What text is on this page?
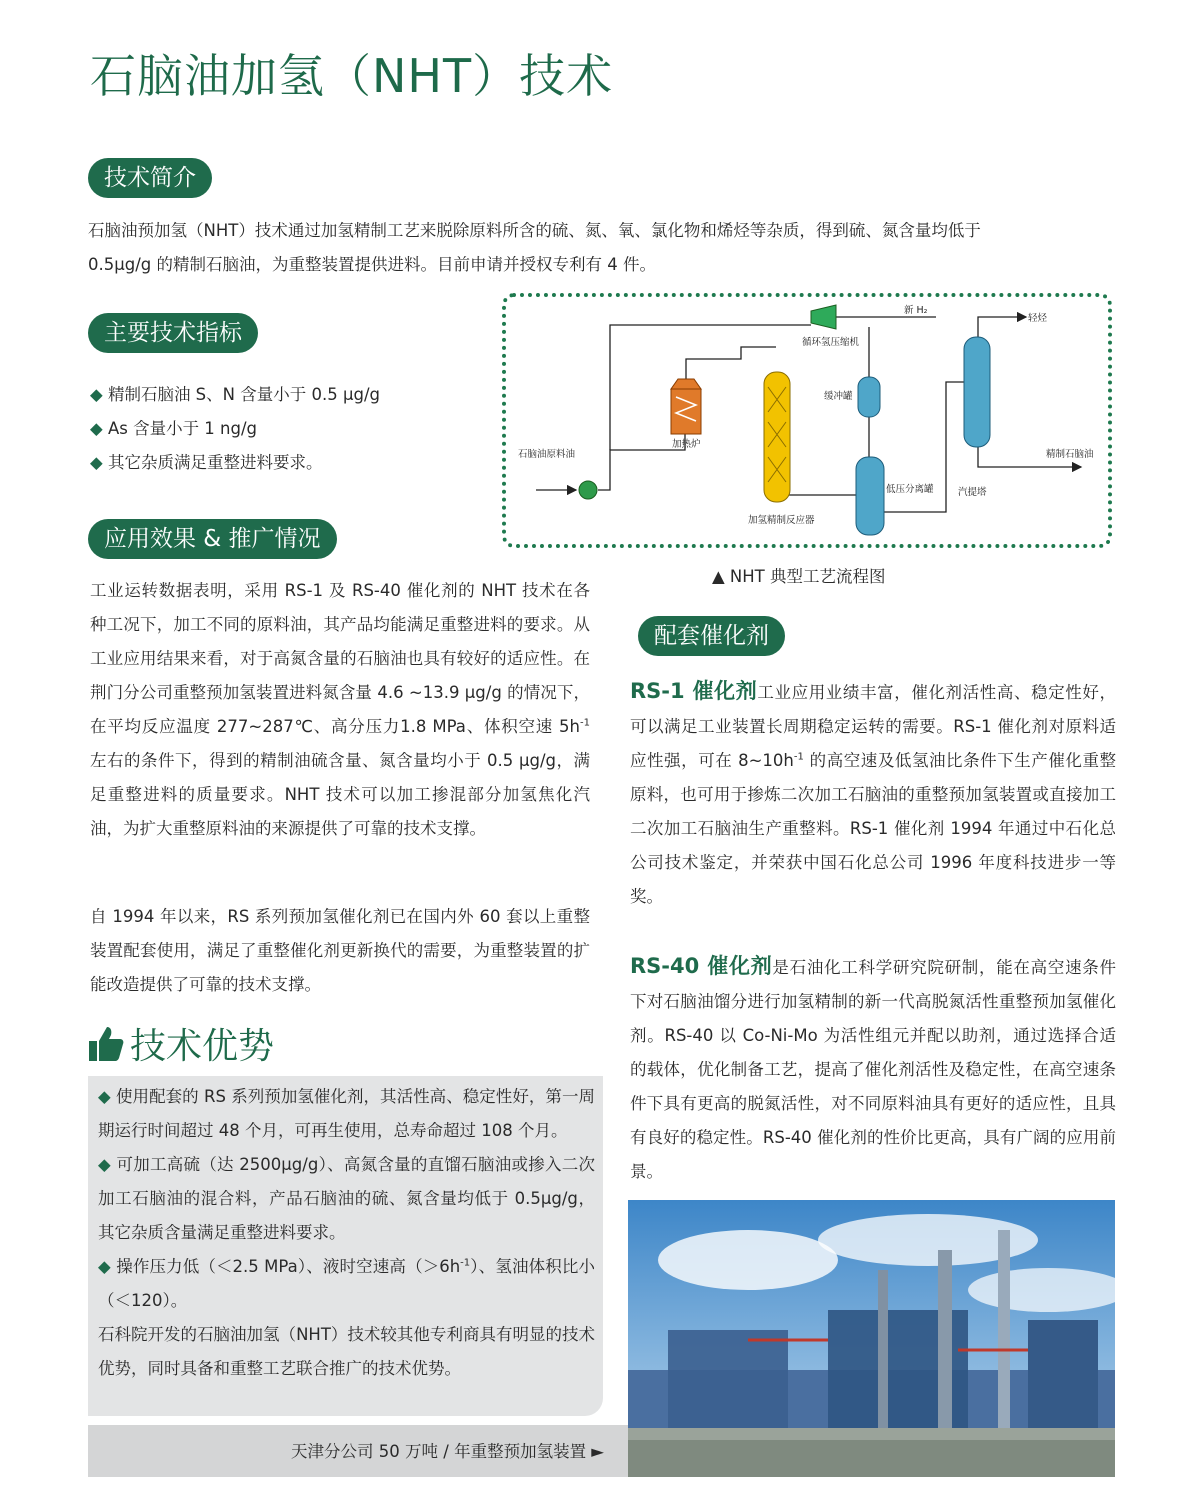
石脑油加氢（NHT）技术
技术简介

石脑油预加氢（NHT）技术通过加氢精制工艺来脱除原料所含的硫、氮、氧、氯化物和烯烃等杂质，得到硫、氮含量均低于
0.5μg/g 的精制石脑油，为重整装置提供进料。目前申请并授权专利有 4 件。

主要技术指标
◆ 精制石脑油 S、N 含量小于 0.5 μg/g
◆ As 含量小于 1 ng/g
◆ 其它杂质满足重整进料要求。	石脑油原料油
加热炉
加氢精制反应器
循环氢压缩机
新 H₂
缓冲罐
低压分离罐	汽提塔
轻烃
精制石脑油
▲ NHT 典型工艺流程图
应用效果 & 推广情况

工业运转数据表明，采用 RS-1 及 RS-40 催化剂的 NHT 技术在各种工况下，加工不同的原料油，其产品均能满足重整进料的要求。从工业应用结果来看，对于高氮含量的石脑油也具有较好的适应性。在荆门分公司重整预加氢装置进料氮含量 4.6 ~13.9 μg/g 的情况下，在平均反应温度 277~287℃、高分压力1.8 MPa、体积空速 $5h^{-1}$ 左右的条件下，得到的精制油硫含量、氮含量均小于 0.5 μg/g，满足重整进料的质量要求。NHT 技术可以加工掺混部分加氢焦化汽油，为扩大重整原料油的来源提供了可靠的技术支撑。

自 1994 年以来，RS 系列预加氢催化剂已在国内外 60 套以上重整装置配套使用，满足了重整催化剂更新换代的需要，为重整装置的扩能改造提供了可靠的技术支撑。

配套催化剂

RS-1 催化剂工业应用业绩丰富，催化剂活性高、稳定性好，可以满足工业装置长周期稳定运转的需要。RS-1 催化剂对原料适应性强，可在 $8\sim 10h^{-1}$ 的高空速及低氢油比条件下生产催化重整原料，也可用于掺炼二次加工石脑油的重整预加氢装置或直接加工二次加工石脑油生产重整料。RS-1 催化剂 1994 年通过中石化总公司技术鉴定，并荣获中国石化总公司 1996 年度科技进步一等奖。

RS-40 催化剂是石油化工科学研究院研制，能在高空速条件下对石脑油馏分进行加氢精制的新一代高脱氮活性重整预加氢催化剂。RS-40 以 Co-Ni-Mo 为活性组元并配以助剂，通过选择合适的载体，优化制备工艺，提高了催化剂活性及稳定性，在高空速条件下具有更高的脱氮活性，对不同原料油具有更好的适应性，且具有良好的稳定性。RS-40 催化剂的性价比更高，具有广阔的应用前景。

技术优势

◆ 使用配套的 RS 系列预加氢催化剂，其活性高、稳定性好，第一周期运行时间超过 48 个月，可再生使用，总寿命超过 108 个月。

◆ 可加工高硫（达 2500μg/g）、高氮含量的直馏石脑油或掺入二次加工石脑油的混合料，产品石脑油的硫、氮含量均低于 0.5μg/g，其它杂质含量满足重整进料要求。

◆ 操作压力低（＜2.5 MPa）、液时空速高$(>6h^{-1})$、氢油体积比小（＜120）。

石科院开发的石脑油加氢（NHT）技术较其他专利商具有明显的技术优势，同时具备和重整工艺联合推广的技术优势。

天津分公司 50 万吨 / 年重整预加氢装置 ►
